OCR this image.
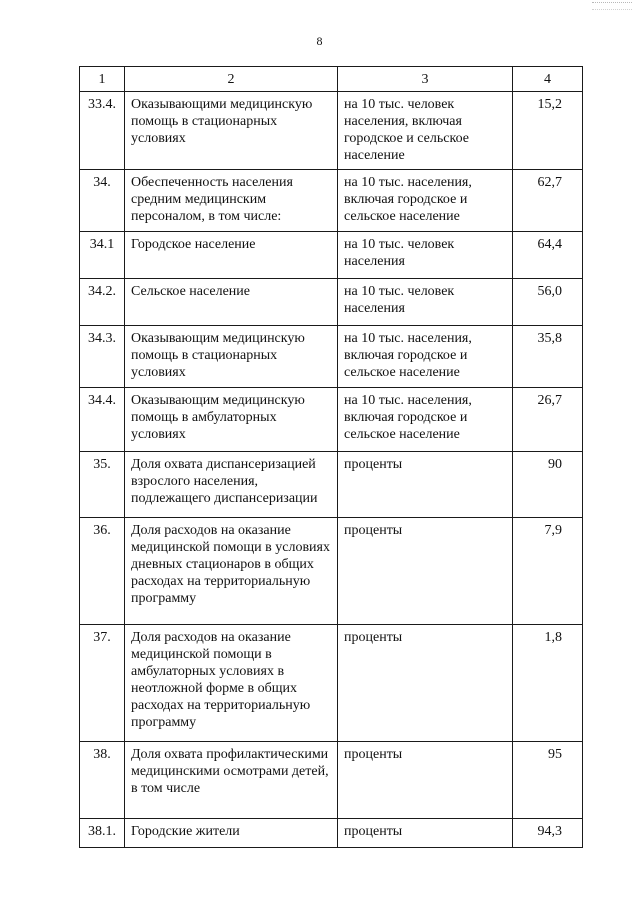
8
1	2	3	4
33.4.	Оказывающими медицинскую помощь в стационарных условиях	на 10 тыс. человек населения, включая городское и сельское население	15,2
34.	Обеспеченность населения средним медицинским персоналом, в том числе:	на 10 тыс. населения, включая городское и сельское население	62,7
34.1	Городское население	на 10 тыс. человек населения	64,4
34.2.	Сельское население	на 10 тыс. человек населения	56,0
34.3.	Оказывающим медицинскую помощь в стационарных условиях	на 10 тыс. населения, включая городское и сельское население	35,8
34.4.	Оказывающим медицинскую помощь в амбулаторных условиях	на 10 тыс. населения, включая городское и сельское население	26,7
35.	Доля охвата диспансеризацией взрослого населения, подлежащего диспансеризации	проценты	90
36.	Доля расходов на оказание медицинской помощи в условиях дневных стационаров в общих расходах на территориальную программу	проценты	7,9
37.	Доля расходов на оказание медицинской помощи в амбулаторных условиях в неотложной форме в общих расходах на территориальную программу	проценты	1,8
38.	Доля охвата профилактическими медицинскими осмотрами детей, в том числе	проценты	95
38.1.	Городские жители	проценты	94,3
